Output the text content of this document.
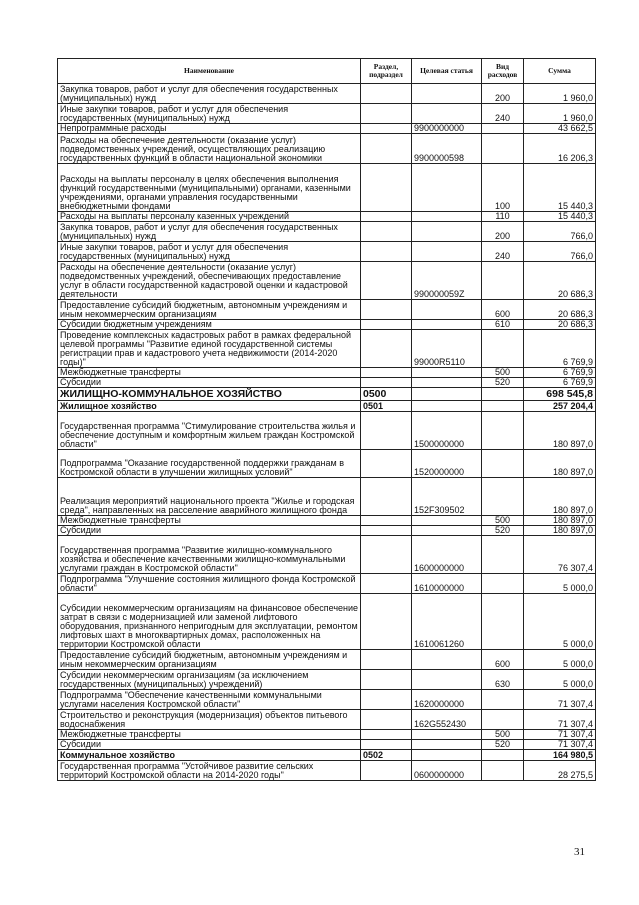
Наименование	Раздел, подраздел	Целевая статья	Вид расходов	Сумма
Закупка товаров, работ и услуг для обеспечения государственных (муниципальных) нужд			200	1 960,0
Иные закупки товаров, работ и услуг для обеспечения государственных (муниципальных) нужд			240	1 960,0
Непрограммные расходы		9900000000		43 662,5
Расходы на обеспечение деятельности (оказание услуг) подведомственных учреждений, осуществляющих реализацию государственных функций в области национальной экономики		9900000598		16 206,3
Расходы на выплаты персоналу в целях обеспечения выполнения функций государственными (муниципальными) органами, казенными учреждениями, органами управления государственными внебюджетными фондами			100	15 440,3
Расходы на выплаты персоналу казенных учреждений			110	15 440,3
Закупка товаров, работ и услуг для обеспечения государственных (муниципальных) нужд			200	766,0
Иные закупки товаров, работ и услуг для обеспечения государственных (муниципальных) нужд			240	766,0
Расходы на обеспечение деятельности (оказание услуг) подведомственных учреждений, обеспечивающих предоставление услуг в области государственной кадастровой оценки и кадастровой деятельности		990000059Z		20 686,3
Предоставление субсидий бюджетным, автономным учреждениям и иным некоммерческим организациям			600	20 686,3
Субсидии бюджетным учреждениям			610	20 686,3
Проведение комплексных кадастровых работ в рамках федеральной целевой программы "Развитие единой государственной системы регистрации прав и кадастрового учета недвижимости (2014-2020 годы)"		99000R5110		6 769,9
Межбюджетные трансферты			500	6 769,9
Субсидии			520	6 769,9
ЖИЛИЩНО-КОММУНАЛЬНОЕ ХОЗЯЙСТВО	0500			698 545,8
Жилищное хозяйство	0501			257 204,4
Государственная программа "Стимулирование строительства жилья и обеспечение доступным и комфортным жильем граждан Костромской области"		1500000000		180 897,0
Подпрограмма "Оказание государственной поддержки гражданам в Костромской области в улучшении жилищных условий"		1520000000		180 897,0
Реализация мероприятий национального проекта "Жилье и городская среда", направленных на расселение аварийного жилищного фонда		152F309502		180 897,0
Межбюджетные трансферты			500	180 897,0
Субсидии			520	180 897,0
Государственная программа "Развитие жилищно-коммунального хозяйства и обеспечение качественными жилищно-коммунальными услугами граждан в Костромской области"		1600000000		76 307,4
Подпрограмма "Улучшение состояния жилищного фонда Костромской области"		1610000000		5 000,0
Субсидии некоммерческим организациям на финансовое обеспечение затрат в связи с модернизацией или заменой лифтового оборудования, признанного непригодным для эксплуатации, ремонтом лифтовых шахт в многоквартирных домах, расположенных на территории Костромской области		1610061260		5 000,0
Предоставление субсидий бюджетным, автономным учреждениям и иным некоммерческим организациям			600	5 000,0
Субсидии некоммерческим организациям (за исключением государственных (муниципальных) учреждений)			630	5 000,0
Подпрограмма "Обеспечение качественными коммунальными услугами населения Костромской области"		1620000000		71 307,4
Строительство и реконструкция (модернизация) объектов питьевого водоснабжения		162G552430		71 307,4
Межбюджетные трансферты			500	71 307,4
Субсидии			520	71 307,4
Коммунальное хозяйство	0502			164 980,5
Государственная программа "Устойчивое развитие сельских территорий Костромской области на 2014-2020 годы"		0600000000		28 275,5
31
